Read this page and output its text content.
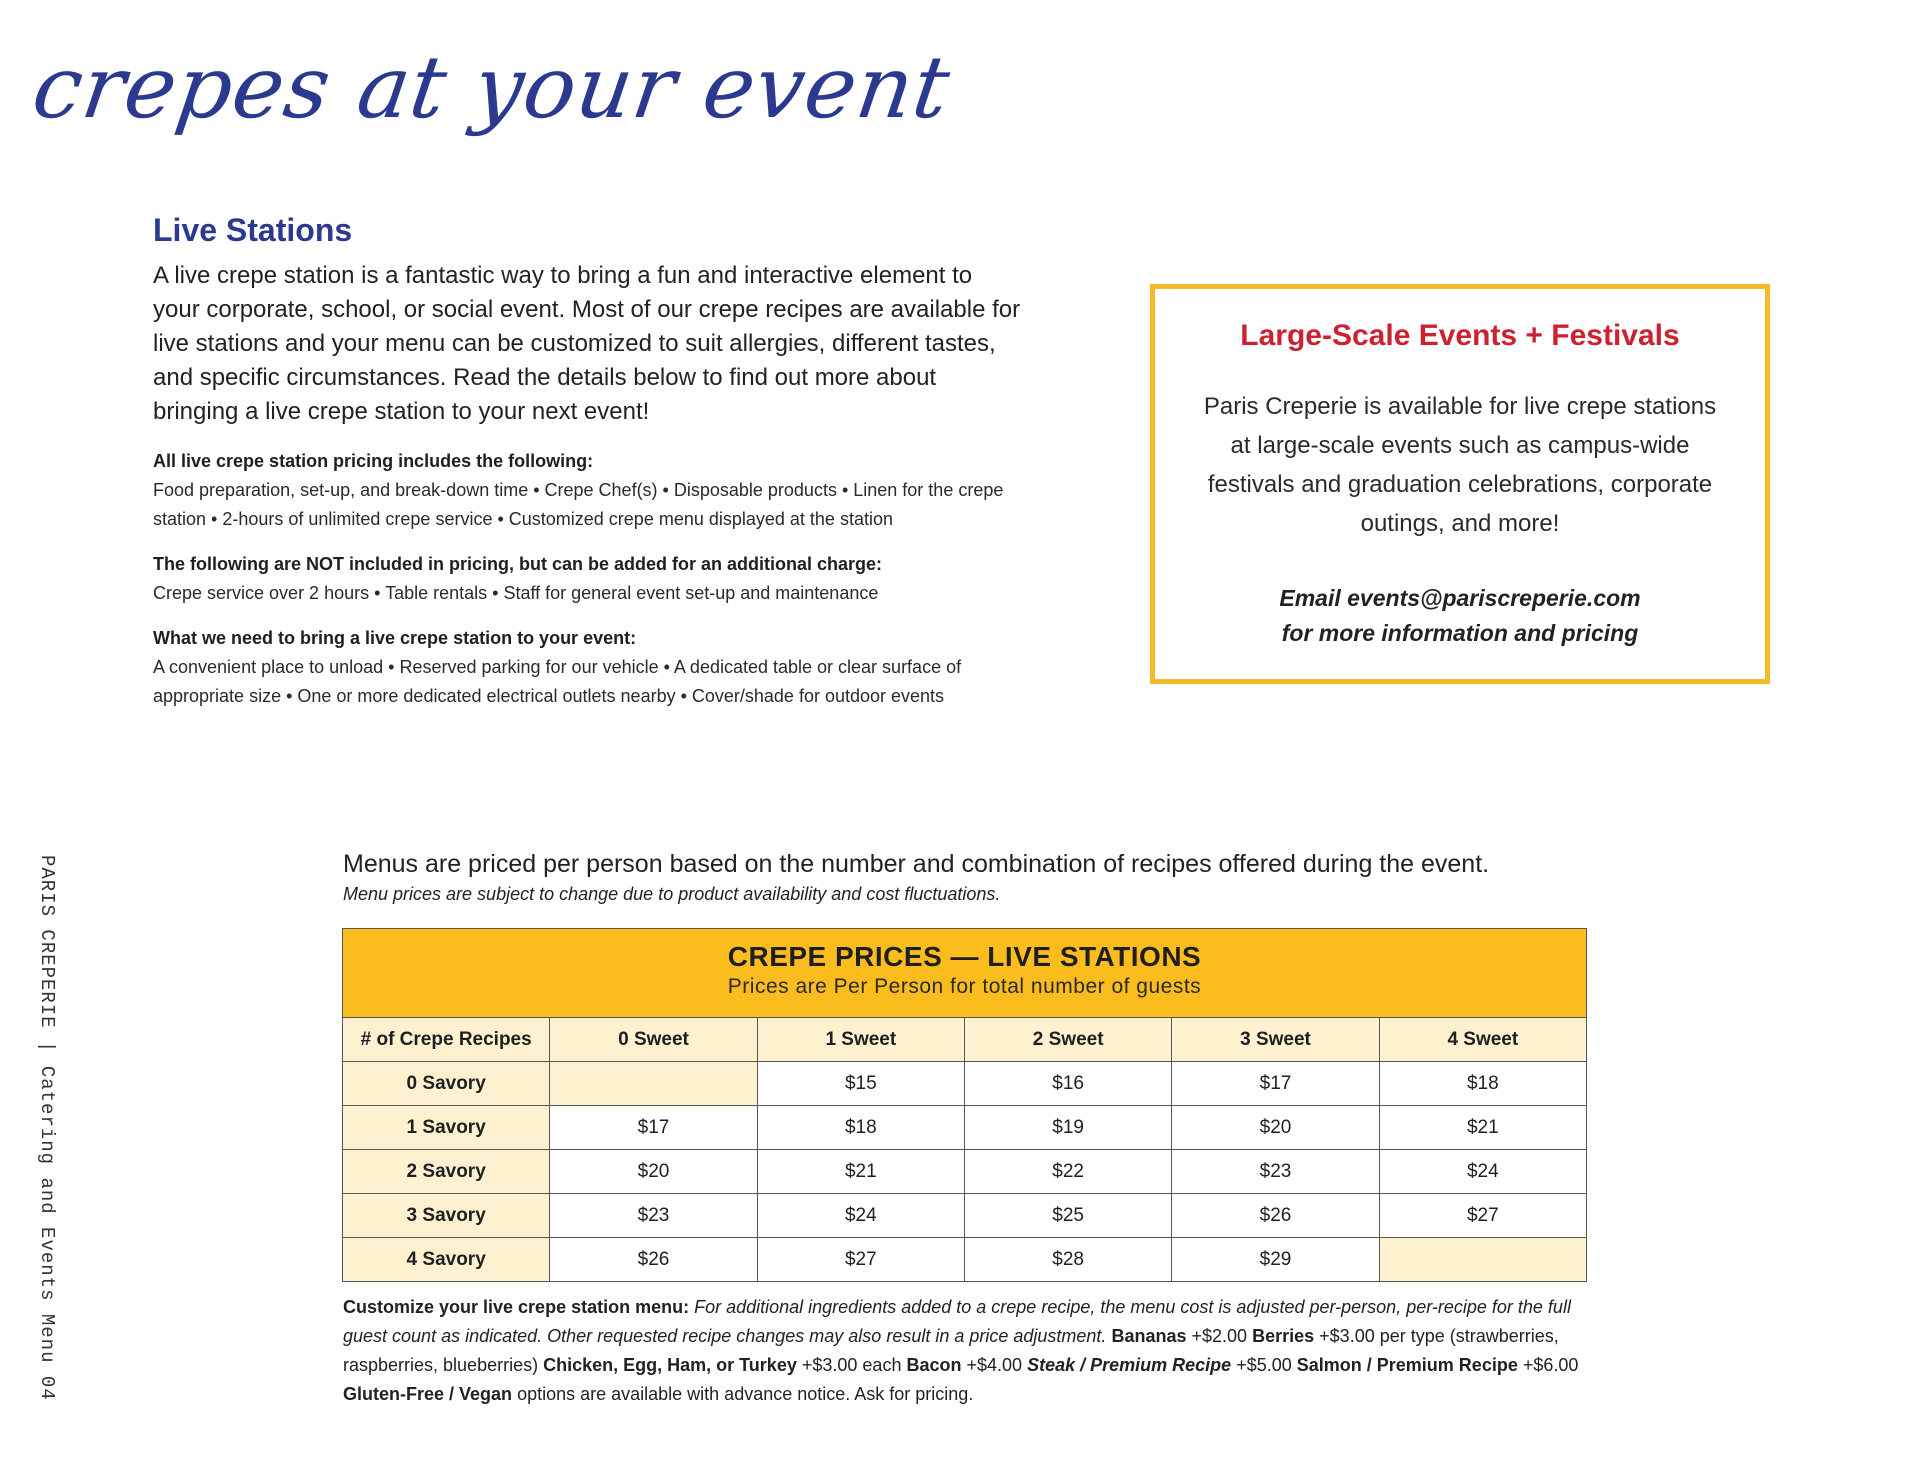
crepes at your event
PARIS CREPERIE | Catering and Events Menu 04
Live Stations

A live crepe station is a fantastic way to bring a fun and interactive element to your corporate, school, or social event. Most of our crepe recipes are available for live stations and your menu can be customized to suit allergies, different tastes, and specific circumstances. Read the details below to find out more about bringing a live crepe station to your next event!

All live crepe station pricing includes the following:
Food preparation, set-up, and break-down time • Crepe Chef(s) • Disposable products • Linen for the crepe station • 2-hours of unlimited crepe service • Customized crepe menu displayed at the station
The following are NOT included in pricing, but can be added for an additional charge:
Crepe service over 2 hours • Table rentals • Staff for general event set-up and maintenance
What we need to bring a live crepe station to your event:
A convenient place to unload • Reserved parking for our vehicle • A dedicated table or clear surface of appropriate size • One or more dedicated electrical outlets nearby • Cover/shade for outdoor events
Large-Scale Events + Festivals
Paris Creperie is available for live crepe stations at large-scale events such as campus-wide festivals and graduation celebrations, corporate outings, and more!
Email events@pariscreperie.com
for more information and pricing
Menus are priced per person based on the number and combination of recipes offered during the event.
Menu prices are subject to change due to product availability and cost fluctuations.
CREPE PRICES — LIVE STATIONS
Prices are Per Person for total number of guests
# of Crepe Recipes	0 Sweet	1 Sweet	2 Sweet	3 Sweet	4 Sweet
0 Savory		$15	$16	$17	$18
1 Savory	$17	$18	$19	$20	$21
2 Savory	$20	$21	$22	$23	$24
3 Savory	$23	$24	$25	$26	$27
4 Savory	$26	$27	$28	$29	

Customize your live crepe station menu: For additional ingredients added to a crepe recipe, the menu cost is adjusted per-person, per-recipe for the full guest count as indicated. Other requested recipe changes may also result in a price adjustment. Bananas +$2.00 Berries +$3.00 per type (strawberries, raspberries, blueberries) Chicken, Egg, Ham, or Turkey +$3.00 each Bacon +$4.00 Steak / Premium Recipe +$5.00 Salmon / Premium Recipe +$6.00 Gluten-Free / Vegan options are available with advance notice. Ask for pricing.
